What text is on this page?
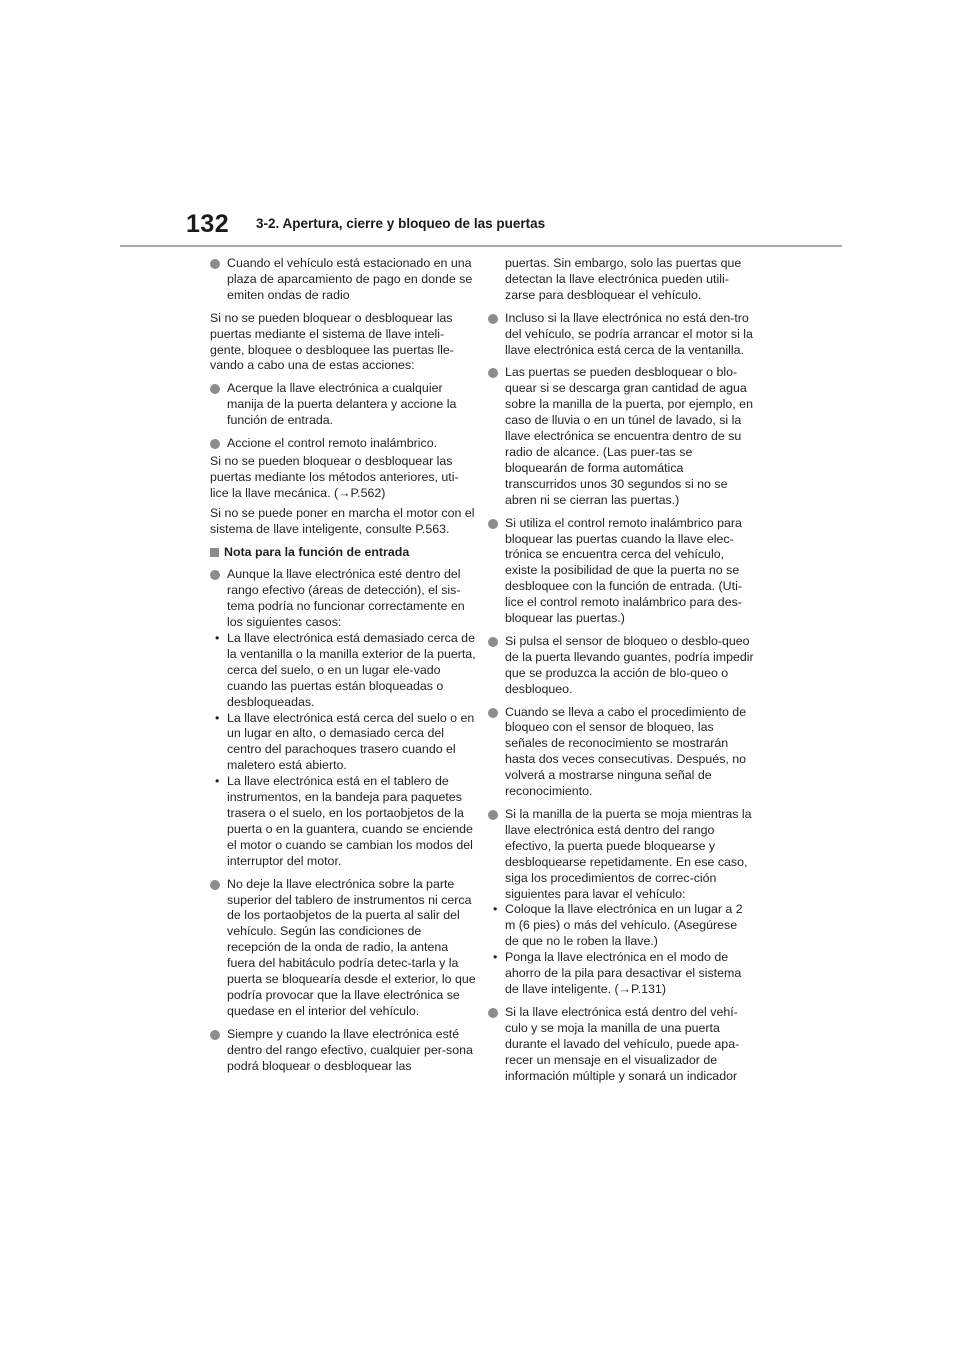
132 3-2. Apertura, cierre y bloqueo de las puertas
Cuando el vehículo está estacionado en una plaza de aparcamiento de pago en donde se emiten ondas de radio

Si no se pueden bloquear o desbloquear las puertas mediante el sistema de llave inteli-gente, bloquee o desbloquee las puertas lle-vando a cabo una de estas acciones:

Acerque la llave electrónica a cualquier manija de la puerta delantera y accione la función de entrada.
Accione el control remoto inalámbrico.

Si no se pueden bloquear o desbloquear las puertas mediante los métodos anteriores, uti-lice la llave mecánica. (→P.562)

Si no se puede poner en marcha el motor con el sistema de llave inteligente, consulte P.563.

Nota para la función de entrada
Aunque la llave electrónica esté dentro del rango efectivo (áreas de detección), el sis-tema podría no funcionar correctamente en los siguientes casos:
• La llave electrónica está demasiado cerca de la ventanilla o la manilla exterior de la puerta, cerca del suelo, o en un lugar ele-vado cuando las puertas están bloqueadas o desbloqueadas.
• La llave electrónica está cerca del suelo o en un lugar en alto, o demasiado cerca del centro del parachoques trasero cuando el maletero está abierto.
• La llave electrónica está en el tablero de instrumentos, en la bandeja para paquetes trasera o el suelo, en los portaobjetos de la puerta o en la guantera, cuando se enciende el motor o cuando se cambian los modos del interruptor del motor.
No deje la llave electrónica sobre la parte superior del tablero de instrumentos ni cerca de los portaobjetos de la puerta al salir del vehículo. Según las condiciones de recepción de la onda de radio, la antena fuera del habitáculo podría detec-tarla y la puerta se bloquearía desde el exterior, lo que podría provocar que la llave electrónica se quedase en el interior del vehículo.
Siempre y cuando la llave electrónica esté dentro del rango efectivo, cualquier per-sona podrá bloquear o desbloquear las

puertas. Sin embargo, solo las puertas que detectan la llave electrónica pueden utili-zarse para desbloquear el vehículo.

Incluso si la llave electrónica no está den-tro del vehículo, se podría arrancar el motor si la llave electrónica está cerca de la ventanilla.
Las puertas se pueden desbloquear o blo-quear si se descarga gran cantidad de agua sobre la manilla de la puerta, por ejemplo, en caso de lluvia o en un túnel de lavado, si la llave electrónica se encuentra dentro de su radio de alcance. (Las puer-tas se bloquearán de forma automática transcurridos unos 30 segundos si no se abren ni se cierran las puertas.)
Si utiliza el control remoto inalámbrico para bloquear las puertas cuando la llave elec-trónica se encuentra cerca del vehículo, existe la posibilidad de que la puerta no se desbloquee con la función de entrada. (Uti-lice el control remoto inalámbrico para des-bloquear las puertas.)
Si pulsa el sensor de bloqueo o desblo-queo de la puerta llevando guantes, podría impedir que se produzca la acción de blo-queo o desbloqueo.
Cuando se lleva a cabo el procedimiento de bloqueo con el sensor de bloqueo, las señales de reconocimiento se mostrarán hasta dos veces consecutivas. Después, no volverá a mostrarse ninguna señal de reconocimiento.
Si la manilla de la puerta se moja mientras la llave electrónica está dentro del rango efectivo, la puerta puede bloquearse y desbloquearse repetidamente. En ese caso, siga los procedimientos de correc-ción siguientes para lavar el vehículo:
• Coloque la llave electrónica en un lugar a 2 m (6 pies) o más del vehículo. (Asegúrese de que no le roben la llave.)
• Ponga la llave electrónica en el modo de ahorro de la pila para desactivar el sistema de llave inteligente. (→P.131)
Si la llave electrónica está dentro del vehí-culo y se moja la manilla de una puerta durante el lavado del vehículo, puede apa-recer un mensaje en el visualizador de información múltiple y sonará un indicador
